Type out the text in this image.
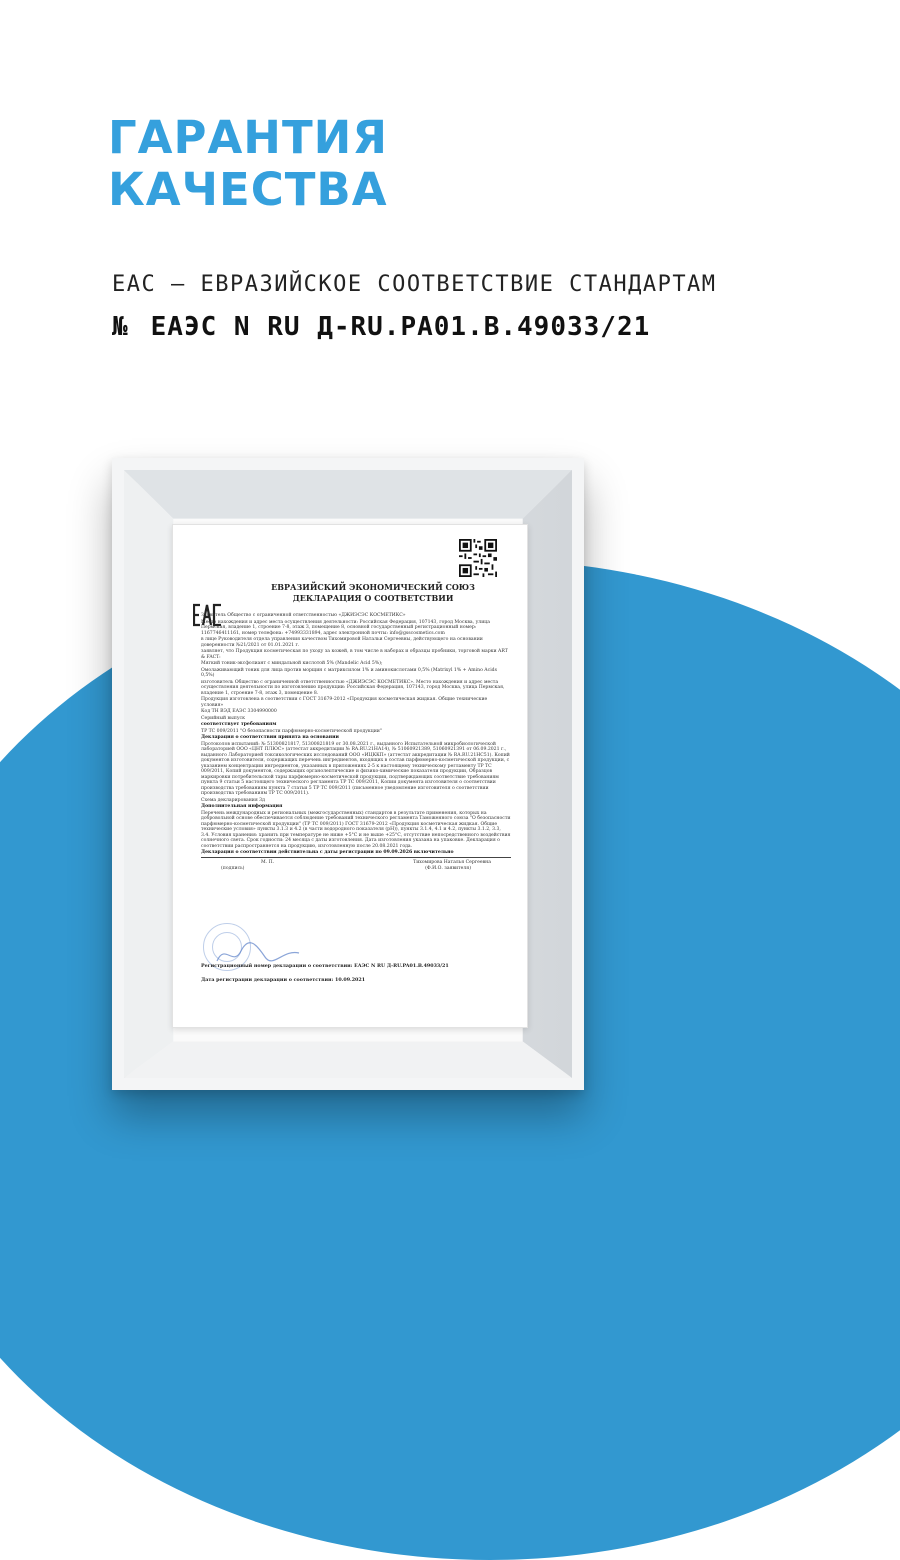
ГАРАНТИЯ
КАЧЕСТВА
EAC – ЕВРАЗИЙСКОЕ СООТВЕТСТВИЕ СТАНДАРТАМ
№ ЕАЭС N RU Д-RU.PA01.B.49033/21
ЕВРАЗИЙСКИЙ ЭКОНОМИЧЕСКИЙ СОЮЗ
ДЕКЛАРАЦИЯ О СООТВЕТСТВИИ

Заявитель Общество с ограниченной ответственностью «ДЖИЭСЭС КОСМЕТИКС»

Место нахождения и адрес места осуществления деятельности: Российская Федерация, 107143, город Москва, улица Пермская, владение 1, строение 7-8, этаж 3, помещение 8, основной государственный регистрационный номер: 1167746411161, номер телефона: +74993331894, адрес электронной почты: info@gsscosmetics.com

в лице Руководителя отдела управления качеством Тихомировой Натальи Сергеевны, действующего на основании доверенности №21/2021 от 01.01.2021 г.

заявляет, что Продукция косметическая по уходу за кожей, в том числе в наборах и образцы пробники, торговой марки ART & FACT:

Мягкий тоник-эксфолиант с миндальной кислотой 5% (Mandelic Acid 5%);

Омолаживающий тоник для лица против морщин с матриксилом 1% и аминокислотами 0,5% (Matrixyl 1% + Amino Acids 0,5%)

изготовитель Общество с ограниченной ответственностью «ДЖИЭСЭС КОСМЕТИКС». Место нахождения и адрес места осуществления деятельности по изготовлению продукции: Российская Федерация, 107143, город Москва, улица Пермская, владение 1, строение 7-8, этаж 3, помещение 8.

Продукция изготовлена в соответствии с ГОСТ 31679-2012 «Продукция косметическая жидкая. Общие технические условия»

Код ТН ВЭД ЕАЭС 3304990000

Серийный выпуск

соответствует требованиям

ТР ТС 009/2011 "О безопасности парфюмерно-косметической продукции"

Декларация о соответствии принята на основании

Протоколов испытаний: № 51300821817, 51300821819 от 30.08.2021 г., выданного Испытательной микробиологической лабораторией ООО «ЦНТ ПЛЮС» (аттестат аккредитации № RA.RU.21НА14), № 51060921389, 51060921391 от 06.09.2021 г., выданного Лабораторией токсикологических исследований ООО «ИЦККП» (аттестат аккредитации № RA.RU.21НС51). Копий документов изготовителя, содержащих перечень ингредиентов, входящих в состав парфюмерно-косметической продукции, с указанием концентрации ингредиентов, указанных в приложениях 2-5 к настоящему техническому регламенту ТР ТС 009/2011, Копий документов, содержащих органолептические и физико-химические показатели продукции, Образцов маркировки потребительской тары парфюмерно-косметической продукции, подтверждающих соответствие требованиям пункта 9 статьи 5 настоящего технического регламента ТР ТС 009/2011, Копии документа изготовителя о соответствии производства требованиям пункта 7 статьи 5 ТР ТС 009/2011 (письменное уведомление изготовителя о соответствии производства требованиям ТР ТС 009/2011).

Схема декларирования 3д

Дополнительная информация

Перечень международных и региональных (межгосударственных) стандартов в результате применения, которых на добровольной основе обеспечивается соблюдение требований технического регламента Таможенного союза "О безопасности парфюмерно-косметической продукции" (ТР ТС 009/2011) ГОСТ 31679-2012 «Продукция косметическая жидкая. Общие технические условия» пункты 3.1.3 и 4.2 (в части водородного показателя (pH)), пункты 3.1.4, 4.1 и 4.2, пункты 3.1.2, 3.3, 3.4. Условия хранения: хранить при температуре не ниже +5°С и не выше +25°С, отсутствие непосредственного воздействия солнечного света. Срок годности: 24 месяца с даты изготовления. Дата изготовления указана на упаковке. Декларация о соответствии распространяется на продукцию, изготовленную после 20.08.2021 года.

Декларация о соответствии действительна с даты регистрации по 09.09.2026 включительно

М. П.	Тихомирова Наталья Сергеевна

(подпись)	(Ф.И.О. заявителя)

Регистрационный номер декларации о соответствии: ЕАЭС N RU Д-RU.PA01.B.49033/21
Дата регистрации декларации о соответствии: 10.09.2021
